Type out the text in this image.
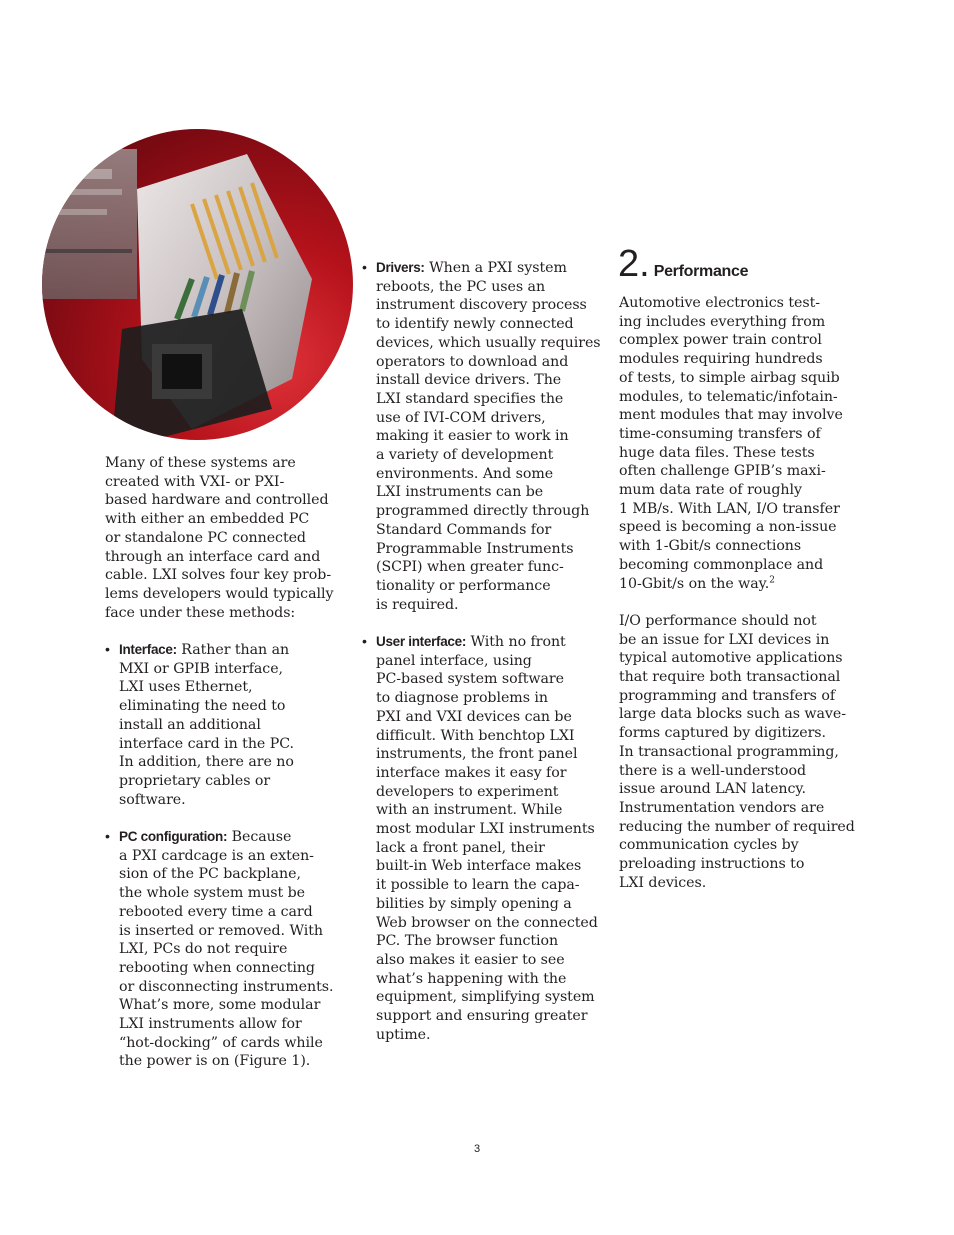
Many of these systems are
created with VXI- or PXI-
based hardware and controlled
with either an embedded PC
or standalone PC connected
through an interface card and
cable. LXI solves four key prob-
lems developers would typically
face under these methods:

• Interface: Rather than an
MXI or GPIB interface,
LXI uses Ethernet,
eliminating the need to
install an additional
interface card in the PC.
In addition, there are no
proprietary cables or
software.

• PC configuration: Because
a PXI cardcage is an exten-
sion of the PC backplane,
the whole system must be
rebooted every time a card
is inserted or removed. With
LXI, PCs do not require
rebooting when connecting
or disconnecting instruments.
What’s more, some modular
LXI instruments allow for
“hot-docking” of cards while
the power is on (Figure 1).

• Drivers: When a PXI system
reboots, the PC uses an
instrument discovery process
to identify newly connected
devices, which usually requires
operators to download and
install device drivers. The
LXI standard specifies the
use of IVI-COM drivers,
making it easier to work in
a variety of development
environments. And some
LXI instruments can be
programmed directly through
Standard Commands for
Programmable Instruments
(SCPI) when greater func-
tionality or performance
is required.

• User interface: With no front
panel interface, using
PC-based system software
to diagnose problems in
PXI and VXI devices can be
difficult. With benchtop LXI
instruments, the front panel
interface makes it easy for
developers to experiment
with an instrument. While
most modular LXI instruments
lack a front panel, their
built-in Web interface makes
it possible to learn the capa-
bilities by simply opening a
Web browser on the connected
PC. The browser function
also makes it easier to see
what’s happening with the
equipment, simplifying system
support and ensuring greater
uptime.

2. Performance

Automotive electronics test-
ing includes everything from
complex power train control
modules requiring hundreds
of tests, to simple airbag squib
modules, to telematic/infotain-
ment modules that may involve
time-consuming transfers of
huge data files. These tests
often challenge GPIB’s maxi-
mum data rate of roughly
1 MB/s. With LAN, I/O transfer
speed is becoming a non-issue
with 1-Gbit/s connections
becoming commonplace and
10-Gbit/s on the way.$^2$

I/O performance should not
be an issue for LXI devices in
typical automotive applications
that require both transactional
programming and transfers of
large data blocks such as wave-
forms captured by digitizers.
In transactional programming,
there is a well-understood
issue around LAN latency.
Instrumentation vendors are
reducing the number of required
communication cycles by
preloading instructions to
LXI devices.

3
